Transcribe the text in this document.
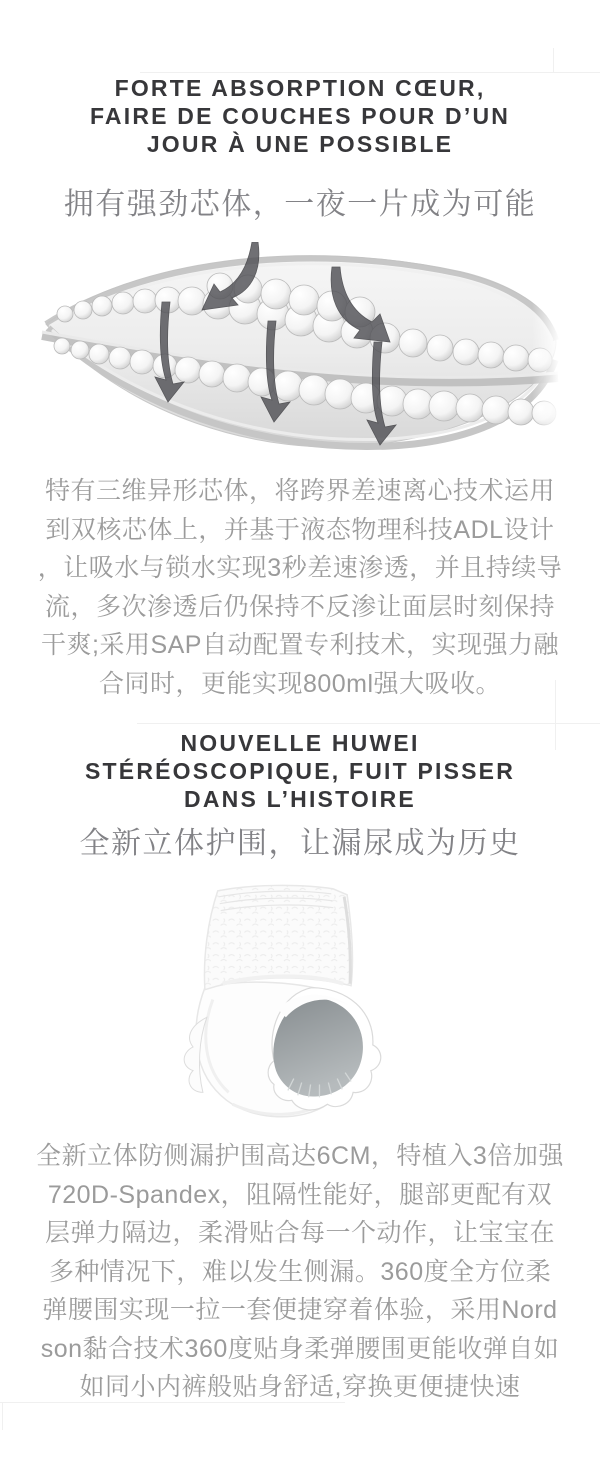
FORTE ABSORPTION CŒUR,
FAIRE DE COUCHES POUR D’UN
JOUR À UNE POSSIBLE
拥有强劲芯体，一夜一片成为可能
特有三维异形芯体，将跨界差速离心技术运用
到双核芯体上，并基于液态物理科技ADL设计
，让吸水与锁水实现3秒差速渗透，并且持续导
流，多次渗透后仍保持不反渗让面层时刻保持
干爽;采用SAP自动配置专利技术，实现强力融
合同时，更能实现800ml强大吸收。
NOUVELLE HUWEI
STÉRÉOSCOPIQUE, FUIT PISSER
DANS L’HISTOIRE
全新立体护围，让漏尿成为历史
全新立体防侧漏护围高达6CM，特植入3倍加强
720D-Spandex，阻隔性能好，腿部更配有双
层弹力隔边，柔滑贴合每一个动作，让宝宝在
多种情况下，难以发生侧漏。360度全方位柔
弹腰围实现一拉一套便捷穿着体验，采用Nord
son黏合技术360度贴身柔弹腰围更能收弹自如
如同小内裤般贴身舒适,穿换更便捷快速
